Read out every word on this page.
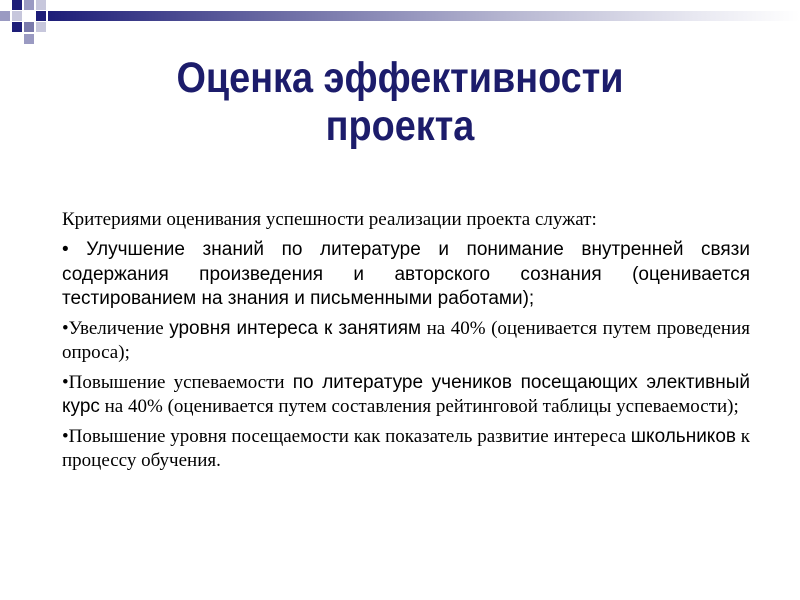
Оценка эффективности
проекта

Критериями оценивания успешности реализации проекта служат:

• Улучшение знаний по литературе и понимание внутренней связи содержания произведения и авторского сознания (оценивается тестированием на знания и письменными работами);

•Увеличение уровня интереса к занятиям на 40% (оценивается путем проведения опроса);

•Повышение успеваемости по литературе учеников посещающих элективный курс на 40% (оценивается путем составления рейтинговой таблицы успеваемости);

•Повышение уровня посещаемости как показатель развитие интереса школьников к процессу обучения.
